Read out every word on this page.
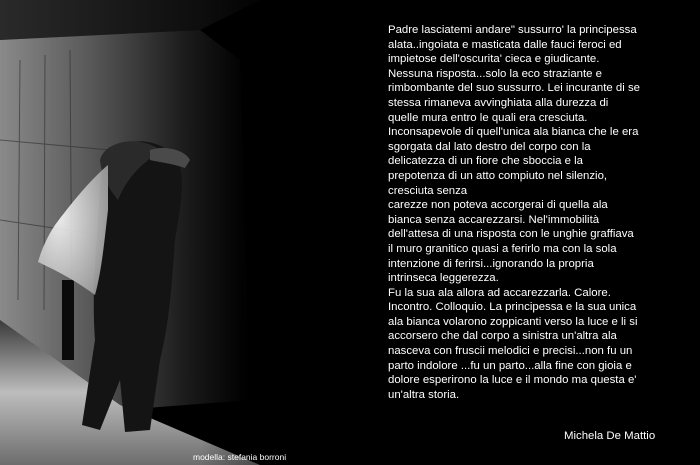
Padre lasciatemi andare" sussurro' la principessa
alata..ingoiata e masticata dalle fauci feroci ed
impietose dell'oscurita' cieca e giudicante.
Nessuna risposta...solo la eco straziante e
rimbombante del suo sussurro. Lei incurante di se
stessa rimaneva avvinghiata alla durezza di
quelle mura entro le quali era cresciuta.
Inconsapevole di quell'unica ala bianca che le era
sgorgata dal lato destro del corpo con la
delicatezza di un fiore che sboccia e la
prepotenza di un atto compiuto nel silenzio,
cresciuta senza
carezze non poteva accorgerai di quella ala
bianca senza accarezzarsi. Nel'immobilità
dell'attesa di una risposta con le unghie graffiava
il muro granitico quasi a ferirlo ma con la sola
intenzione di ferirsi...ignorando la propria
intrinseca leggerezza.
Fu la sua ala allora ad accarezzarla. Calore.
Incontro. Colloquio. La principessa e la sua unica
ala bianca volarono zoppicanti verso la luce e li si
accorsero che dal corpo a sinistra un'altra ala
nasceva con fruscii melodici e precisi...non fu un
parto indolore ...fu un parto...alla fine con gioia e
dolore esperirono la luce e il mondo ma questa e'
un'altra storia.

Michela De Mattio
modella: stefania borroni
